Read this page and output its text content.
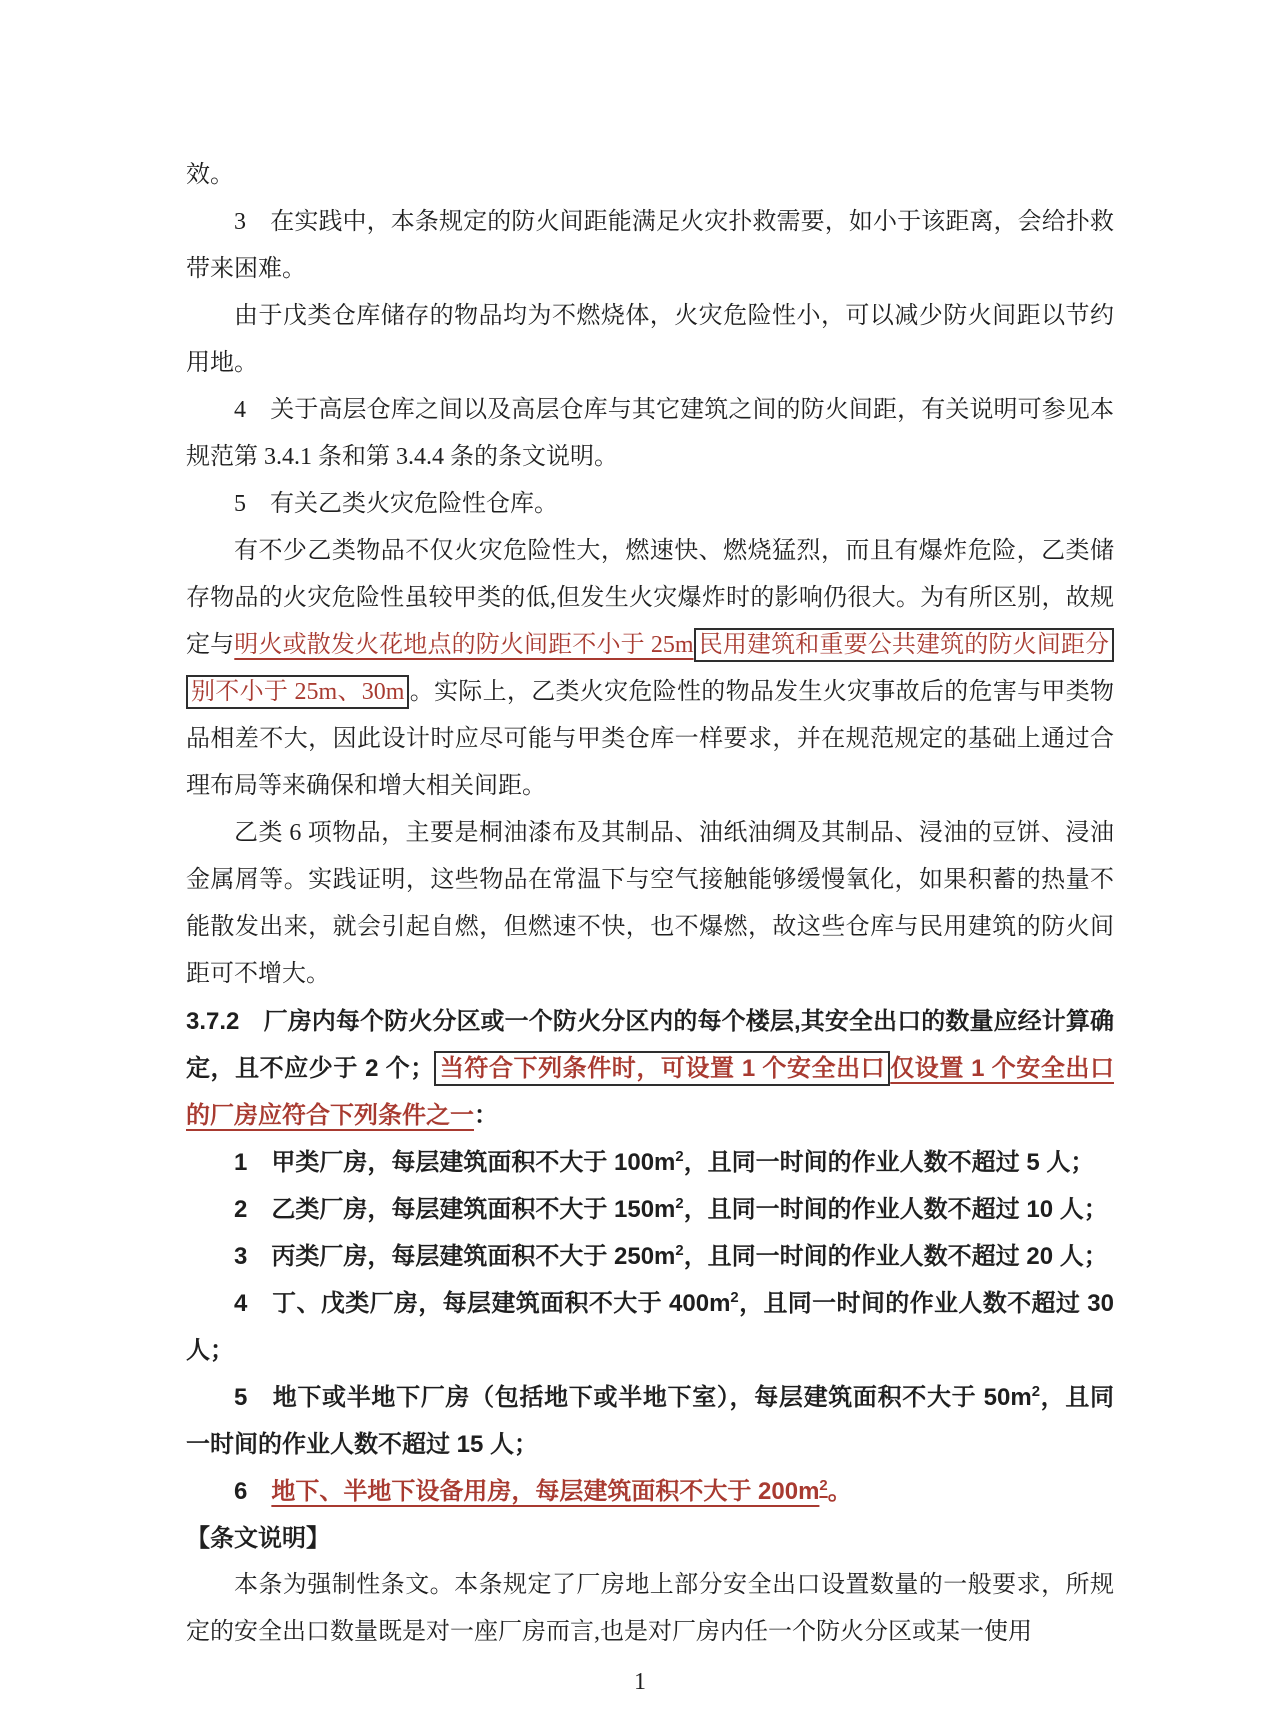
效。

3　在实践中，本条规定的防火间距能满足火灾扑救需要，如小于该距离，会给扑救带来困难。

由于戊类仓库储存的物品均为不燃烧体，火灾危险性小，可以减少防火间距以节约用地。

4　关于高层仓库之间以及高层仓库与其它建筑之间的防火间距，有关说明可参见本规范第 3.4.1 条和第 3.4.4 条的条文说明。

5　有关乙类火灾危险性仓库。

有不少乙类物品不仅火灾危险性大，燃速快、燃烧猛烈，而且有爆炸危险，乙类储存物品的火灾危险性虽较甲类的低,但发生火灾爆炸时的影响仍很大。为有所区别，故规定与明火或散发火花地点的防火间距不小于 25m 民用建筑和重要公共建筑的防火间距分别不小于 25m、30m 。实际上，乙类火灾危险性的物品发生火灾事故后的危害与甲类物品相差不大，因此设计时应尽可能与甲类仓库一样要求，并在规范规定的基础上通过合理布局等来确保和增大相关间距。

乙类 6 项物品，主要是桐油漆布及其制品、油纸油绸及其制品、浸油的豆饼、浸油金属屑等。实践证明，这些物品在常温下与空气接触能够缓慢氧化，如果积蓄的热量不能散发出来，就会引起自燃，但燃速不快，也不爆燃，故这些仓库与民用建筑的防火间距可不增大。

3.7.2　厂房内每个防火分区或一个防火分区内的每个楼层,其安全出口的数量应经计算确定，且不应少于 2 个； 当符合下列条件时，可设置 1 个安全出口 仅设置 1 个安全出口的厂房应符合下列条件之一：

1　甲类厂房，每层建筑面积不大于 $100m^2$，且同一时间的作业人数不超过 5 人；

2　乙类厂房，每层建筑面积不大于 $150m^2$，且同一时间的作业人数不超过 10 人；

3　丙类厂房，每层建筑面积不大于 $250m^2$，且同一时间的作业人数不超过 20 人；

4　丁、戊类厂房，每层建筑面积不大于 $400m^2$，且同一时间的作业人数不超过 30 人；

5　地下或半地下厂房（包括地下或半地下室），每层建筑面积不大于 $50m^2$，且同一时间的作业人数不超过 15 人；

6　地下、半地下设备用房，每层建筑面积不大于 $200m^2$。

【条文说明】

本条为强制性条文。本条规定了厂房地上部分安全出口设置数量的一般要求，所规定的安全出口数量既是对一座厂房而言,也是对厂房内任一个防火分区或某一使用

1
